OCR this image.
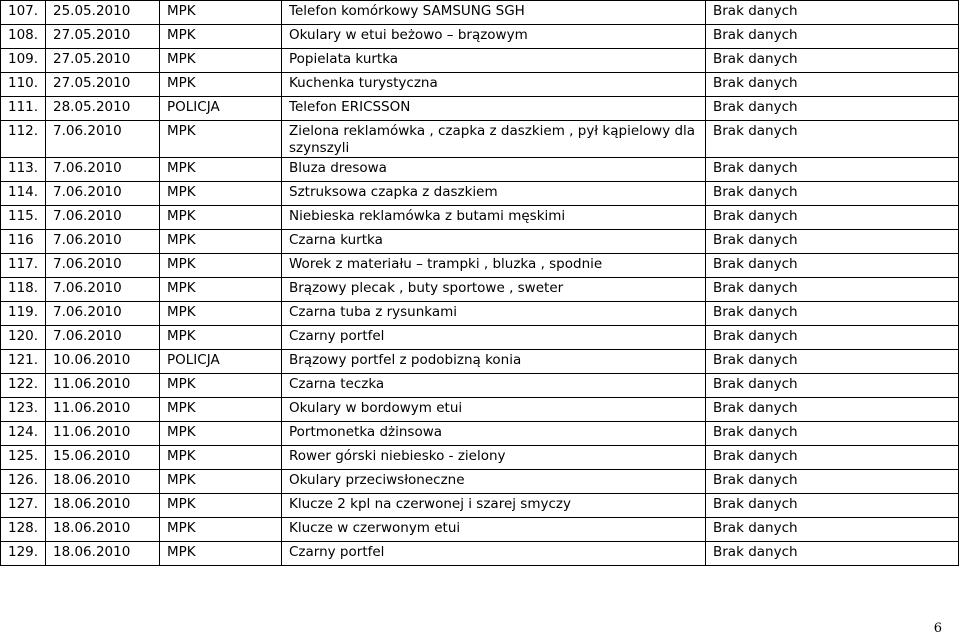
107.	25.05.2010	MPK	Telefon komórkowy SAMSUNG SGH	Brak danych

108.	27.05.2010	MPK	Okulary w etui beżowo – brązowym	Brak danych

109.	27.05.2010	MPK	Popielata kurtka	Brak danych

110.	27.05.2010	MPK	Kuchenka turystyczna	Brak danych

111.	28.05.2010	POLICJA	Telefon ERICSSON	Brak danych

112.	7.06.2010	MPK	Zielona reklamówka , czapka z daszkiem , pył kąpielowy dla szynszyli	Brak danych

113.	7.06.2010	MPK	Bluza dresowa	Brak danych

114.	7.06.2010	MPK	Sztruksowa czapka z daszkiem	Brak danych

115.	7.06.2010	MPK	Niebieska reklamówka z butami męskimi	Brak danych

116	7.06.2010	MPK	Czarna kurtka	Brak danych

117.	7.06.2010	MPK	Worek z materiału – trampki , bluzka , spodnie	Brak danych

118.	7.06.2010	MPK	Brązowy plecak , buty sportowe , sweter	Brak danych

119.	7.06.2010	MPK	Czarna tuba z rysunkami	Brak danych

120.	7.06.2010	MPK	Czarny portfel	Brak danych

121.	10.06.2010	POLICJA	Brązowy portfel z podobizną konia	Brak danych

122.	11.06.2010	MPK	Czarna teczka	Brak danych

123.	11.06.2010	MPK	Okulary w bordowym etui	Brak danych

124.	11.06.2010	MPK	Portmonetka dżinsowa	Brak danych

125.	15.06.2010	MPK	Rower górski niebiesko - zielony	Brak danych

126.	18.06.2010	MPK	Okulary przeciwsłoneczne	Brak danych

127.	18.06.2010	MPK	Klucze 2 kpl na czerwonej i szarej smyczy	Brak danych

128.	18.06.2010	MPK	Klucze w czerwonym etui	Brak danych

129.	18.06.2010	MPK	Czarny portfel	Brak danych
6
